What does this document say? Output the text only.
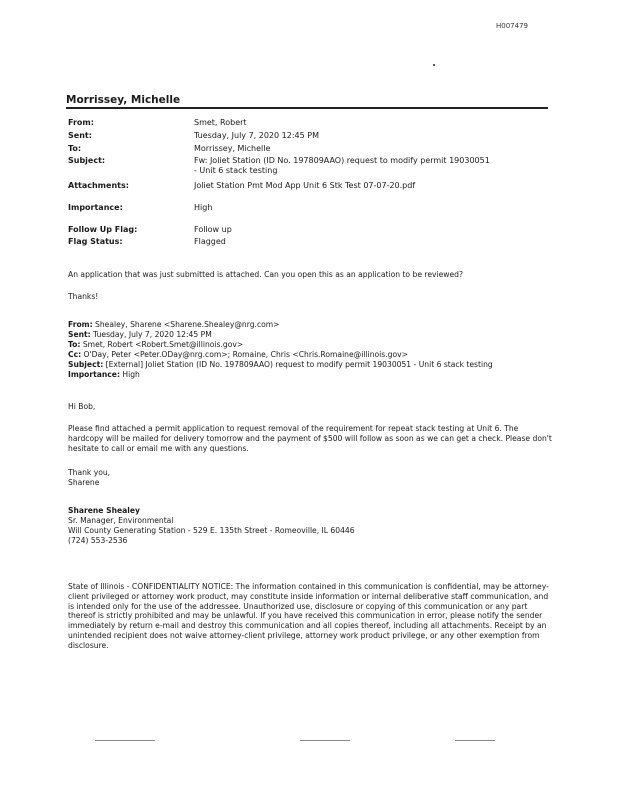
H007479
Morrissey, Michelle
From:	Smet, Robert
Sent:	Tuesday, July 7, 2020 12:45 PM
To:	Morrissey, Michelle
Subject:	Fw: Joliet Station (ID No. 197809AAO) request to modify permit 19030051 - Unit 6 stack testing
Attachments:	Joliet Station Pmt Mod App Unit 6 Stk Test 07-07-20.pdf
Importance:	High
Follow Up Flag:	Follow up
Flag Status:	Flagged
An application that was just submitted is attached. Can you open this as an application to be reviewed?
Thanks!
From: Shealey, Sharene <Sharene.Shealey@nrg.com>
Sent: Tuesday, July 7, 2020 12:45 PM
To: Smet, Robert <Robert.Smet@illinois.gov>
Cc: O'Day, Peter <Peter.ODay@nrg.com>; Romaine, Chris <Chris.Romaine@illinois.gov>
Subject: [External] Joliet Station (ID No. 197809AAO) request to modify permit 19030051 - Unit 6 stack testing
Importance: High
Hi Bob,
Please find attached a permit application to request removal of the requirement for repeat stack testing at Unit 6. The hardcopy will be mailed for delivery tomorrow and the payment of $500 will follow as soon as we can get a check. Please don't hesitate to call or email me with any questions.
Thank you,
Sharene
Sharene Shealey
Sr. Manager, Environmental
Will County Generating Station - 529 E. 135th Street - Romeoville, IL 60446
(724) 553-2536
State of Illinois - CONFIDENTIALITY NOTICE: The information contained in this communication is confidential, may be attorney-client privileged or attorney work product, may constitute inside information or internal deliberative staff communication, and is intended only for the use of the addressee. Unauthorized use, disclosure or copying of this communication or any part thereof is strictly prohibited and may be unlawful. If you have received this communication in error, please notify the sender immediately by return e-mail and destroy this communication and all copies thereof, including all attachments. Receipt by an unintended recipient does not waive attorney-client privilege, attorney work product privilege, or any other exemption from disclosure.
